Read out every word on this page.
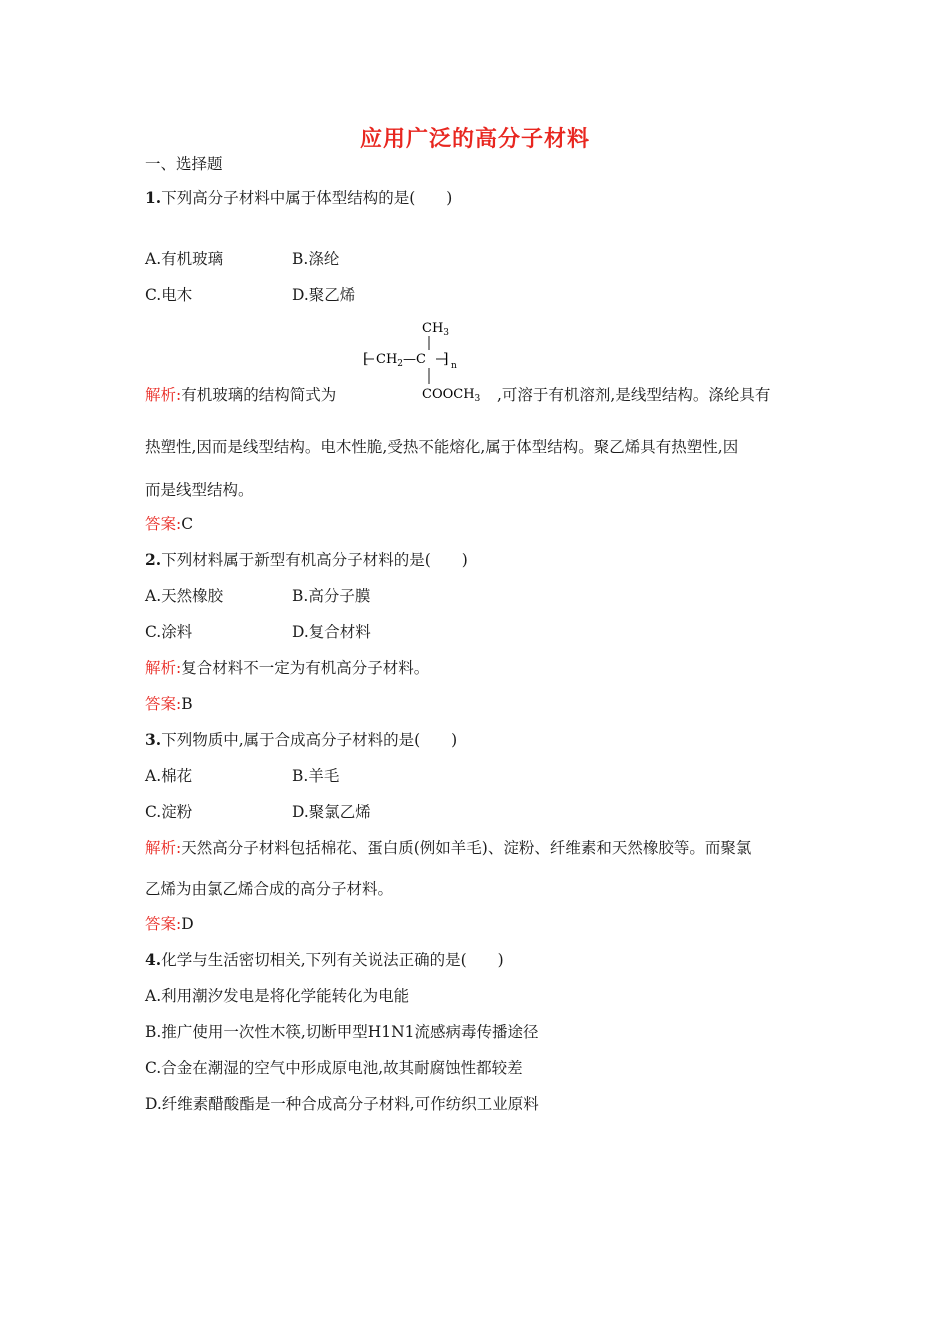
应用广泛的高分子材料
一、选择题
1.下列高分子材料中属于体型结构的是(　　)
A.有机玻璃	B.涤纶
C.电木	D.聚乙烯
$CH_3$
[ $CH_2—C$ ] n
$COOCH_3$
解析:有机玻璃的结构简式为	,可溶于有机溶剂,是线型结构。涤纶具有
热塑性,因而是线型结构。电木性脆,受热不能熔化,属于体型结构。聚乙烯具有热塑性,因
而是线型结构。
答案:C
2.下列材料属于新型有机高分子材料的是(　　)
A.天然橡胶	B.高分子膜
C.涂料	D.复合材料
解析:复合材料不一定为有机高分子材料。
答案:B
3.下列物质中,属于合成高分子材料的是(　　)
A.棉花	B.羊毛
C.淀粉	D.聚氯乙烯
解析:天然高分子材料包括棉花、蛋白质(例如羊毛)、淀粉、纤维素和天然橡胶等。而聚氯
乙烯为由氯乙烯合成的高分子材料。
答案:D
4.化学与生活密切相关,下列有关说法正确的是(　　)
A.利用潮汐发电是将化学能转化为电能
B.推广使用一次性木筷,切断甲型H1N1流感病毒传播途径
C.合金在潮湿的空气中形成原电池,故其耐腐蚀性都较差
D.纤维素醋酸酯是一种合成高分子材料,可作纺织工业原料
